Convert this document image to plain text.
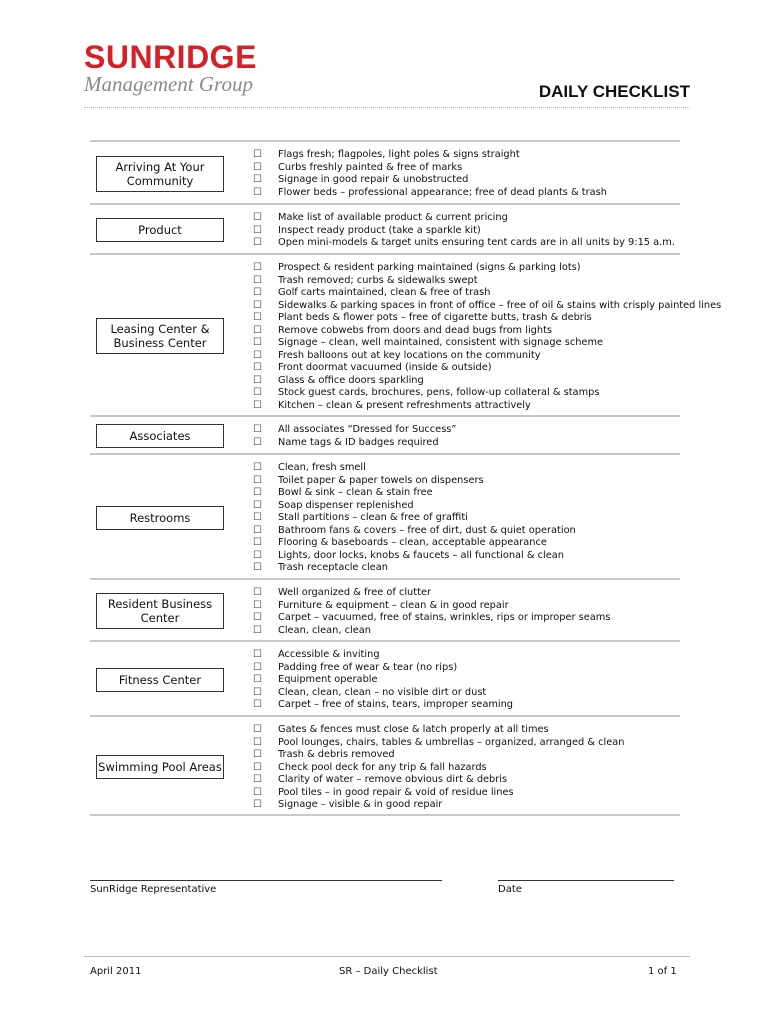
SUNRIDGE
Management Group	DAILY CHECKLIST
Arriving At Your Community
☐	Flags fresh; flagpoles, light poles & signs straight
☐	Curbs freshly painted & free of marks
☐	Signage in good repair & unobstructed
☐	Flower beds – professional appearance; free of dead plants & trash
Product
☐	Make list of available product & current pricing
☐	Inspect ready product (take a sparkle kit)
☐	Open mini-models & target units ensuring tent cards are in all units by 9:15 a.m.
Leasing Center & Business Center
☐	Prospect & resident parking maintained (signs & parking lots)
☐	Trash removed; curbs & sidewalks swept
☐	Golf carts maintained, clean & free of trash
☐	Sidewalks & parking spaces in front of office – free of oil & stains with crisply painted lines
☐	Plant beds & flower pots – free of cigarette butts, trash & debris
☐	Remove cobwebs from doors and dead bugs from lights
☐	Signage – clean, well maintained, consistent with signage scheme
☐	Fresh balloons out at key locations on the community
☐	Front doormat vacuumed (inside & outside)
☐	Glass & office doors sparkling
☐	Stock guest cards, brochures, pens, follow-up collateral & stamps
☐	Kitchen – clean & present refreshments attractively
Associates	☐	All associates “Dressed for Success”
☐	Name tags & ID badges required
Restrooms
☐	Clean, fresh smell
☐	Toilet paper & paper towels on dispensers
☐	Bowl & sink – clean & stain free
☐	Soap dispenser replenished
☐	Stall partitions – clean & free of graffiti
☐	Bathroom fans & covers – free of dirt, dust & quiet operation
☐	Flooring & baseboards – clean, acceptable appearance
☐	Lights, door locks, knobs & faucets – all functional & clean
☐	Trash receptacle clean
Resident Business Center
☐	Well organized & free of clutter
☐	Furniture & equipment – clean & in good repair
☐	Carpet – vacuumed, free of stains, wrinkles, rips or improper seams
☐	Clean, clean, clean
Fitness Center
☐	Accessible & inviting
☐	Padding free of wear & tear (no rips)
☐	Equipment operable
☐	Clean, clean, clean – no visible dirt or dust
☐	Carpet – free of stains, tears, improper seaming
Swimming Pool Areas
☐	Gates & fences must close & latch properly at all times
☐	Pool lounges, chairs, tables & umbrellas – organized, arranged & clean
☐	Trash & debris removed
☐	Check pool deck for any trip & fall hazards
☐	Clarity of water – remove obvious dirt & debris
☐	Pool tiles – in good repair & void of residue lines
☐	Signage – visible & in good repair
SunRidge Representative	Date
April 2011	SR – Daily Checklist	1 of 1
